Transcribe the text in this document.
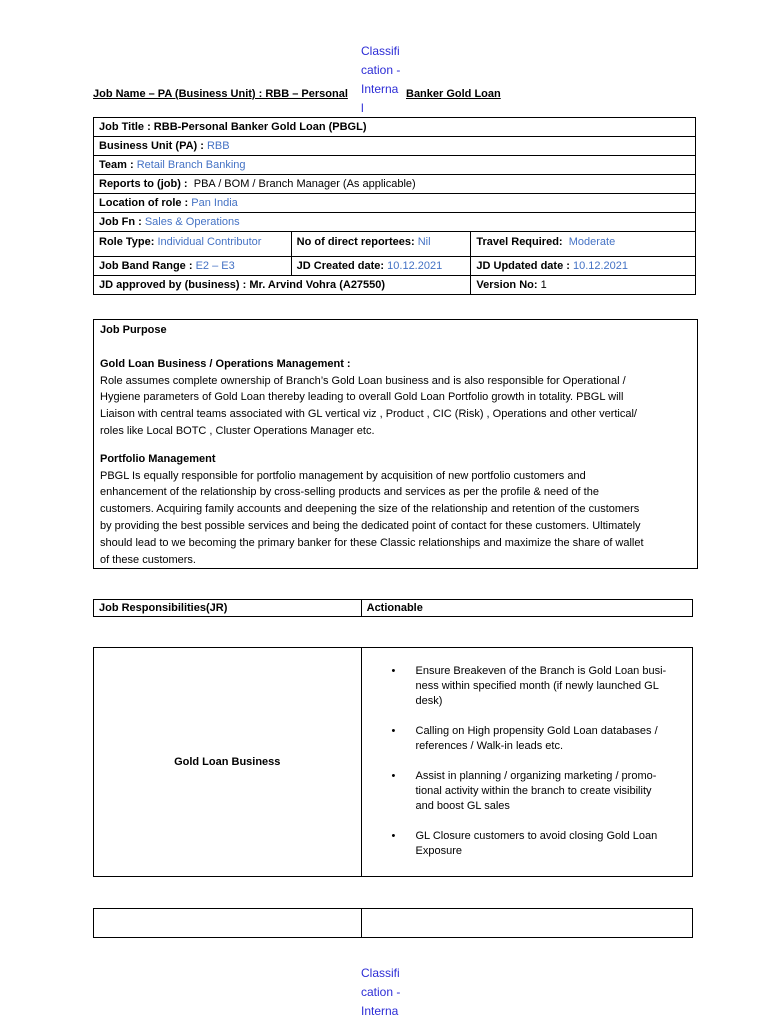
Classifi
cation -
Interna
l
Job Name – PA (Business Unit) : RBB – Personal	Banker Gold Loan
Job Title : RBB-Personal Banker Gold Loan (PBGL)		
Business Unit (PA) : RBB		
Team : Retail Branch Banking		
Reports to (job) : PBA / BOM / Branch Manager (As applicable)		
Location of role : Pan India		
Job Fn : Sales & Operations		
Role Type: Individual Contributor	No of direct reportees: Nil	Travel Required: Moderate
Job Band Range : E2 – E3	JD Created date: 10.12.2021	JD Updated date : 10.12.2021
JD approved by (business) : Mr. Arvind Vohra (A27550)		Version No: 1

Job Purpose

Gold Loan Business / Operations Management :

Role assumes complete ownership of Branch’s Gold Loan business and is also responsible for Operational /

Hygiene parameters of Gold Loan thereby leading to overall Gold Loan Portfolio growth in totality. PBGL will

Liaison with central teams associated with GL vertical viz , Product , CIC (Risk) , Operations and other vertical/

roles like Local BOTC , Cluster Operations Manager etc.

Portfolio Management

PBGL Is equally responsible for portfolio management by acquisition of new portfolio customers and

enhancement of the relationship by cross-selling products and services as per the profile & need of the

customers. Acquiring family accounts and deepening the size of the relationship and retention of the customers

by providing the best possible services and being the dedicated point of contact for these customers. Ultimately

should lead to we becoming the primary banker for these Classic relationships and maximize the share of wallet

of these customers.

Job Responsibilities(JR)	Actionable
Gold Loan Business	
• Ensure Breakeven of the Branch is Gold Loan busi-
ness within specified month (if newly launched GL
desk)
• Calling on High propensity Gold Loan databases /
references / Walk-in leads etc.
• Assist in planning / organizing marketing / promo-
tional activity within the branch to create visibility
and boost GL sales
• GL Closure customers to avoid closing Gold Loan
Exposure

Classifi
cation -
Interna
